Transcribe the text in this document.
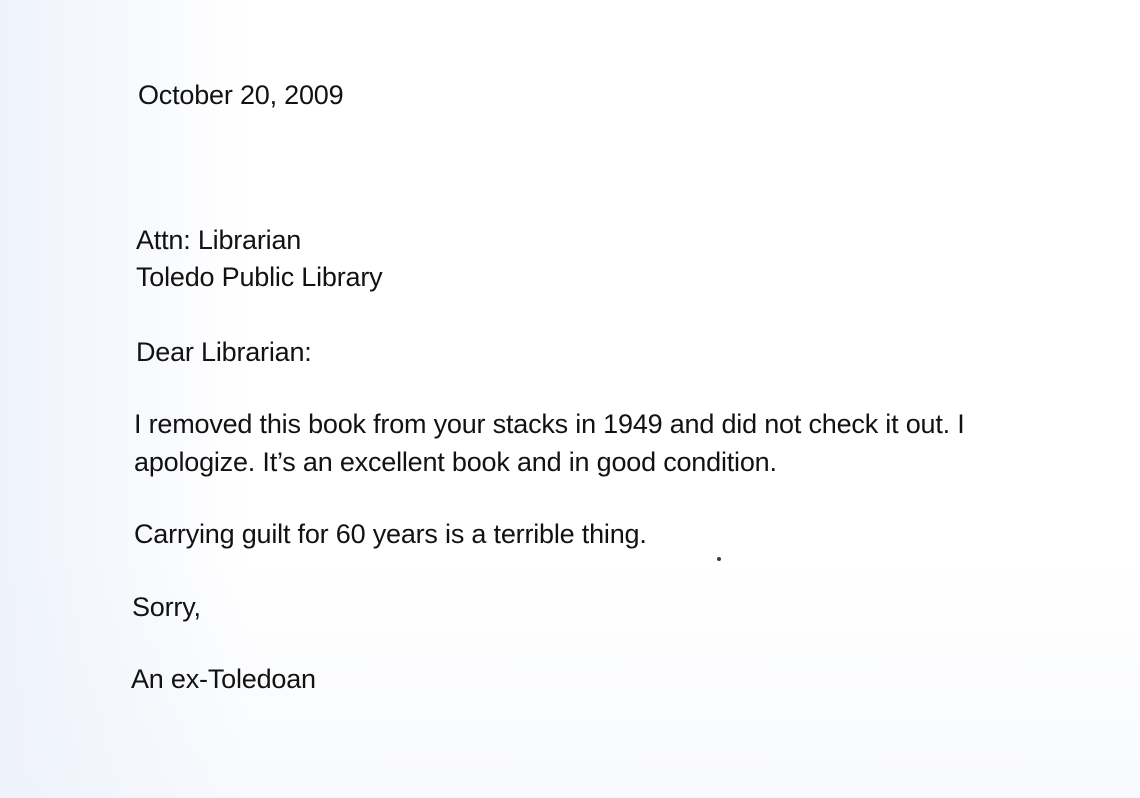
October 20, 2009

Attn: Librarian

Toledo Public Library

Dear Librarian:

I removed this book from your stacks in 1949 and did not check it out. I

apologize. It’s an excellent book and in good condition.

Carrying guilt for 60 years is a terrible thing.

Sorry,

An ex-Toledoan
